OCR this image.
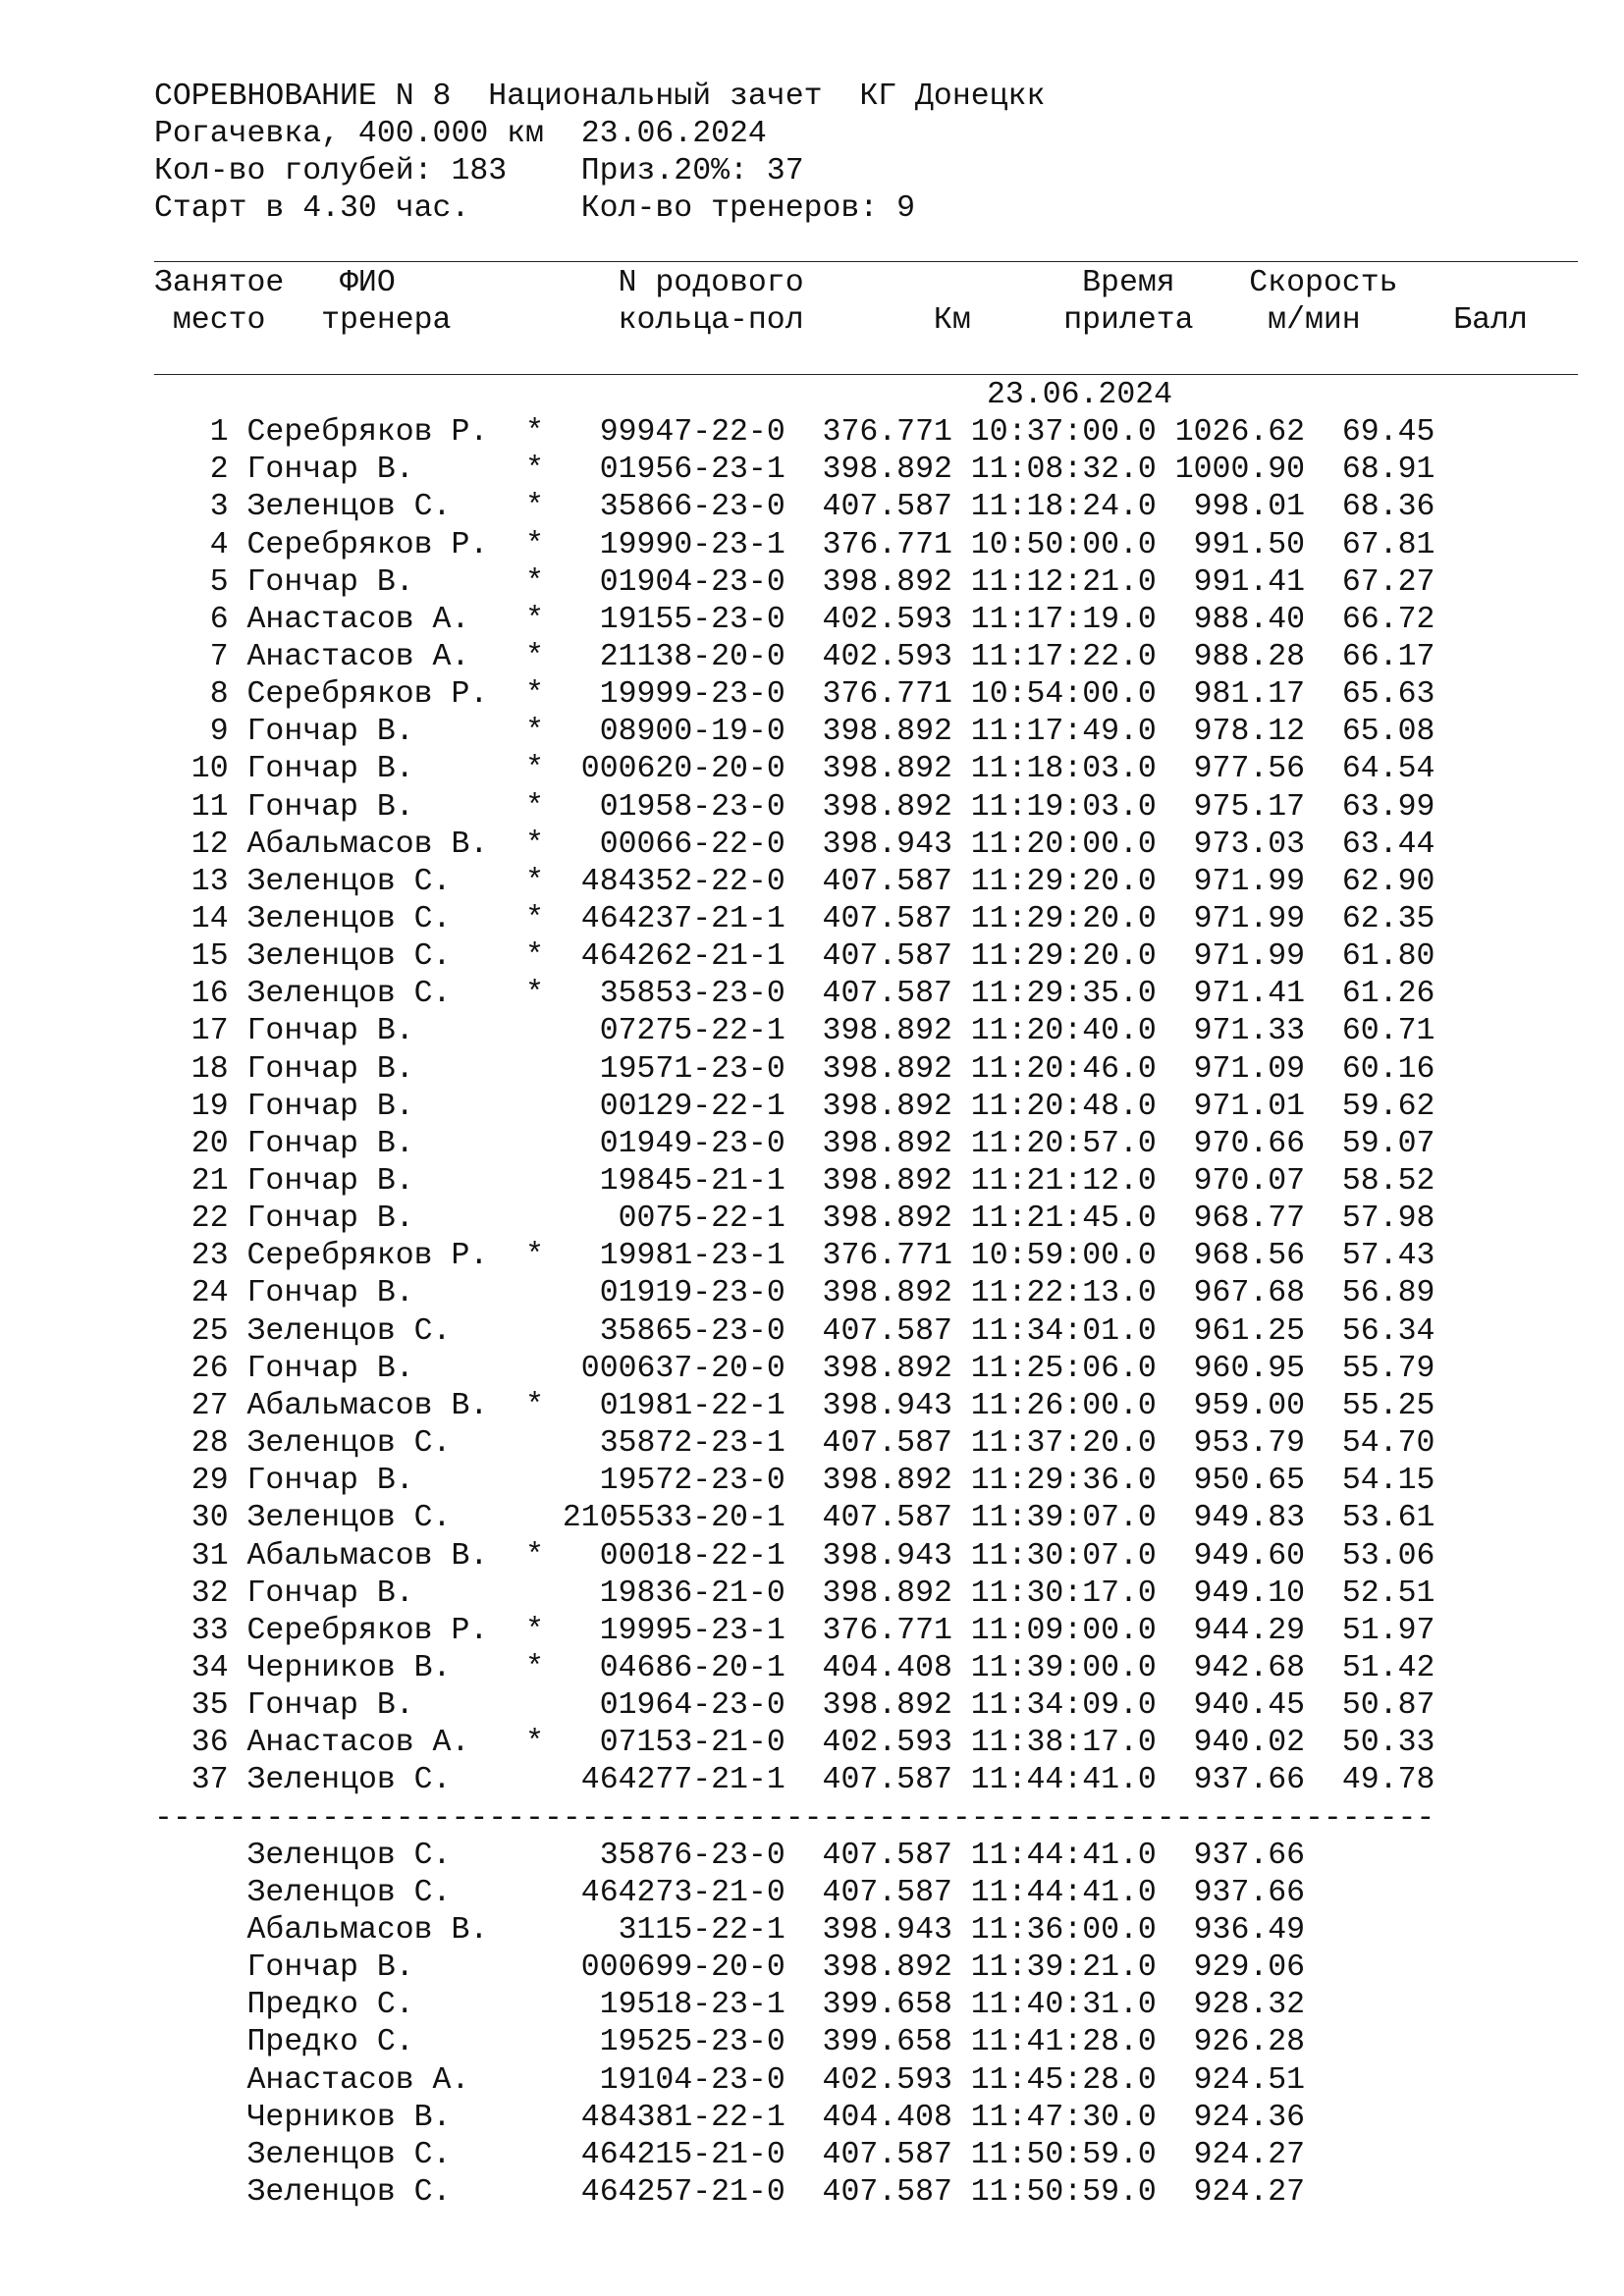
СОРЕВНОВАНИЕ N 8  Национальный зачет  КГ Донецкк
Рогачевка, 400.000 км  23.06.2024
Кол-во голубей: 183    Приз.20%: 37
Старт в 4.30 час.      Кол-во тренеров: 9
Занятое   ФИО            N родового               Время    Скорость
место   тренера         кольца-пол       Км     прилета    м/мин     Балл
23.06.2024
1 Серебряков Р.  *   99947-22-0  376.771 10:37:00.0 1026.62  69.45
2 Гончар В.      *   01956-23-1  398.892 11:08:32.0 1000.90  68.91
3 Зеленцов С.    *   35866-23-0  407.587 11:18:24.0  998.01  68.36
4 Серебряков Р.  *   19990-23-1  376.771 10:50:00.0  991.50  67.81
5 Гончар В.      *   01904-23-0  398.892 11:12:21.0  991.41  67.27
6 Анастасов А.   *   19155-23-0  402.593 11:17:19.0  988.40  66.72
7 Анастасов А.   *   21138-20-0  402.593 11:17:22.0  988.28  66.17
8 Серебряков Р.  *   19999-23-0  376.771 10:54:00.0  981.17  65.63
9 Гончар В.      *   08900-19-0  398.892 11:17:49.0  978.12  65.08
10 Гончар В.      *  000620-20-0  398.892 11:18:03.0  977.56  64.54
11 Гончар В.      *   01958-23-0  398.892 11:19:03.0  975.17  63.99
12 Абальмасов В.  *   00066-22-0  398.943 11:20:00.0  973.03  63.44
13 Зеленцов С.    *  484352-22-0  407.587 11:29:20.0  971.99  62.90
14 Зеленцов С.    *  464237-21-1  407.587 11:29:20.0  971.99  62.35
15 Зеленцов С.    *  464262-21-1  407.587 11:29:20.0  971.99  61.80
16 Зеленцов С.    *   35853-23-0  407.587 11:29:35.0  971.41  61.26
17 Гончар В.          07275-22-1  398.892 11:20:40.0  971.33  60.71
18 Гончар В.          19571-23-0  398.892 11:20:46.0  971.09  60.16
19 Гончар В.          00129-22-1  398.892 11:20:48.0  971.01  59.62
20 Гончар В.          01949-23-0  398.892 11:20:57.0  970.66  59.07
21 Гончар В.          19845-21-1  398.892 11:21:12.0  970.07  58.52
22 Гончар В.           0075-22-1  398.892 11:21:45.0  968.77  57.98
23 Серебряков Р.  *   19981-23-1  376.771 10:59:00.0  968.56  57.43
24 Гончар В.          01919-23-0  398.892 11:22:13.0  967.68  56.89
25 Зеленцов С.        35865-23-0  407.587 11:34:01.0  961.25  56.34
26 Гончар В.         000637-20-0  398.892 11:25:06.0  960.95  55.79
27 Абальмасов В.  *   01981-22-1  398.943 11:26:00.0  959.00  55.25
28 Зеленцов С.        35872-23-1  407.587 11:37:20.0  953.79  54.70
29 Гончар В.          19572-23-0  398.892 11:29:36.0  950.65  54.15
30 Зеленцов С.      2105533-20-1  407.587 11:39:07.0  949.83  53.61
31 Абальмасов В.  *   00018-22-1  398.943 11:30:07.0  949.60  53.06
32 Гончар В.          19836-21-0  398.892 11:30:17.0  949.10  52.51
33 Серебряков Р.  *   19995-23-1  376.771 11:09:00.0  944.29  51.97
34 Черников В.    *   04686-20-1  404.408 11:39:00.0  942.68  51.42
35 Гончар В.          01964-23-0  398.892 11:34:09.0  940.45  50.87
36 Анастасов А.   *   07153-21-0  402.593 11:38:17.0  940.02  50.33
37 Зеленцов С.       464277-21-1  407.587 11:44:41.0  937.66  49.78
---------------------------------------------------------------------
Зеленцов С.        35876-23-0  407.587 11:44:41.0  937.66
Зеленцов С.       464273-21-0  407.587 11:44:41.0  937.66
Абальмасов В.       3115-22-1  398.943 11:36:00.0  936.49
Гончар В.         000699-20-0  398.892 11:39:21.0  929.06
Предко С.          19518-23-1  399.658 11:40:31.0  928.32
Предко С.          19525-23-0  399.658 11:41:28.0  926.28
Анастасов А.       19104-23-0  402.593 11:45:28.0  924.51
Черников В.       484381-22-1  404.408 11:47:30.0  924.36
Зеленцов С.       464215-21-0  407.587 11:50:59.0  924.27
Зеленцов С.       464257-21-0  407.587 11:50:59.0  924.27
